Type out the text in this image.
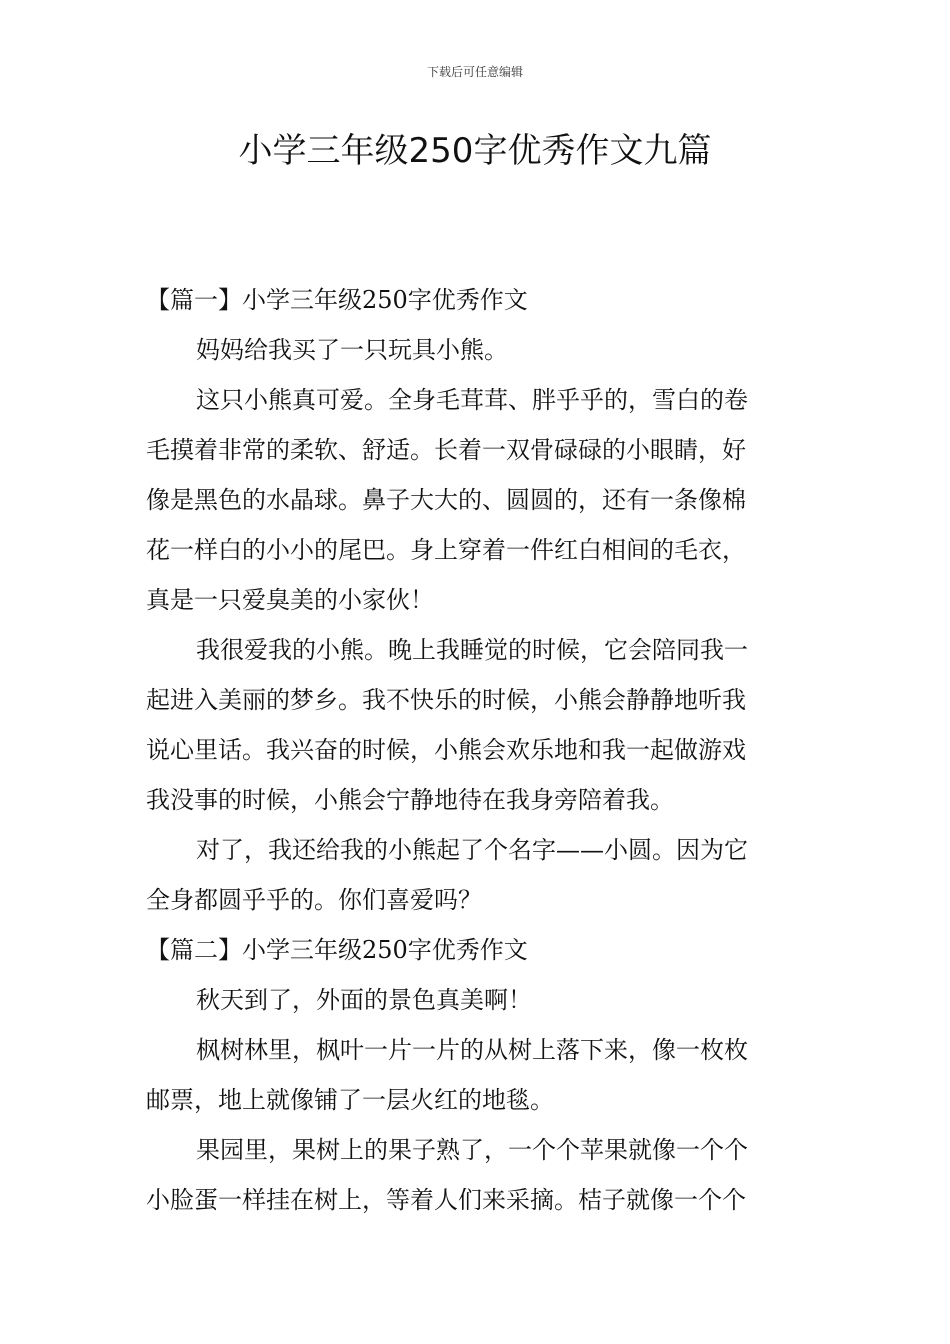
下载后可任意编辑
小学三年级250字优秀作文九篇
【篇一】小学三年级250字优秀作文
妈妈给我买了一只玩具小熊。
这只小熊真可爱。全身毛茸茸、胖乎乎的，雪白的卷
毛摸着非常的柔软、舒适。长着一双骨碌碌的小眼睛，好
像是黑色的水晶球。鼻子大大的、圆圆的，还有一条像棉
花一样白的小小的尾巴。身上穿着一件红白相间的毛衣，
真是一只爱臭美的小家伙！
我很爱我的小熊。晚上我睡觉的时候，它会陪同我一
起进入美丽的梦乡。我不快乐的时候，小熊会静静地听我
说心里话。我兴奋的时候，小熊会欢乐地和我一起做游戏
我没事的时候，小熊会宁静地待在我身旁陪着我。
对了，我还给我的小熊起了个名字——小圆。因为它
全身都圆乎乎的。你们喜爱吗？
【篇二】小学三年级250字优秀作文
秋天到了，外面的景色真美啊！
枫树林里，枫叶一片一片的从树上落下来，像一枚枚
邮票，地上就像铺了一层火红的地毯。
果园里，果树上的果子熟了，一个个苹果就像一个个
小脸蛋一样挂在树上，等着人们来采摘。桔子就像一个个
